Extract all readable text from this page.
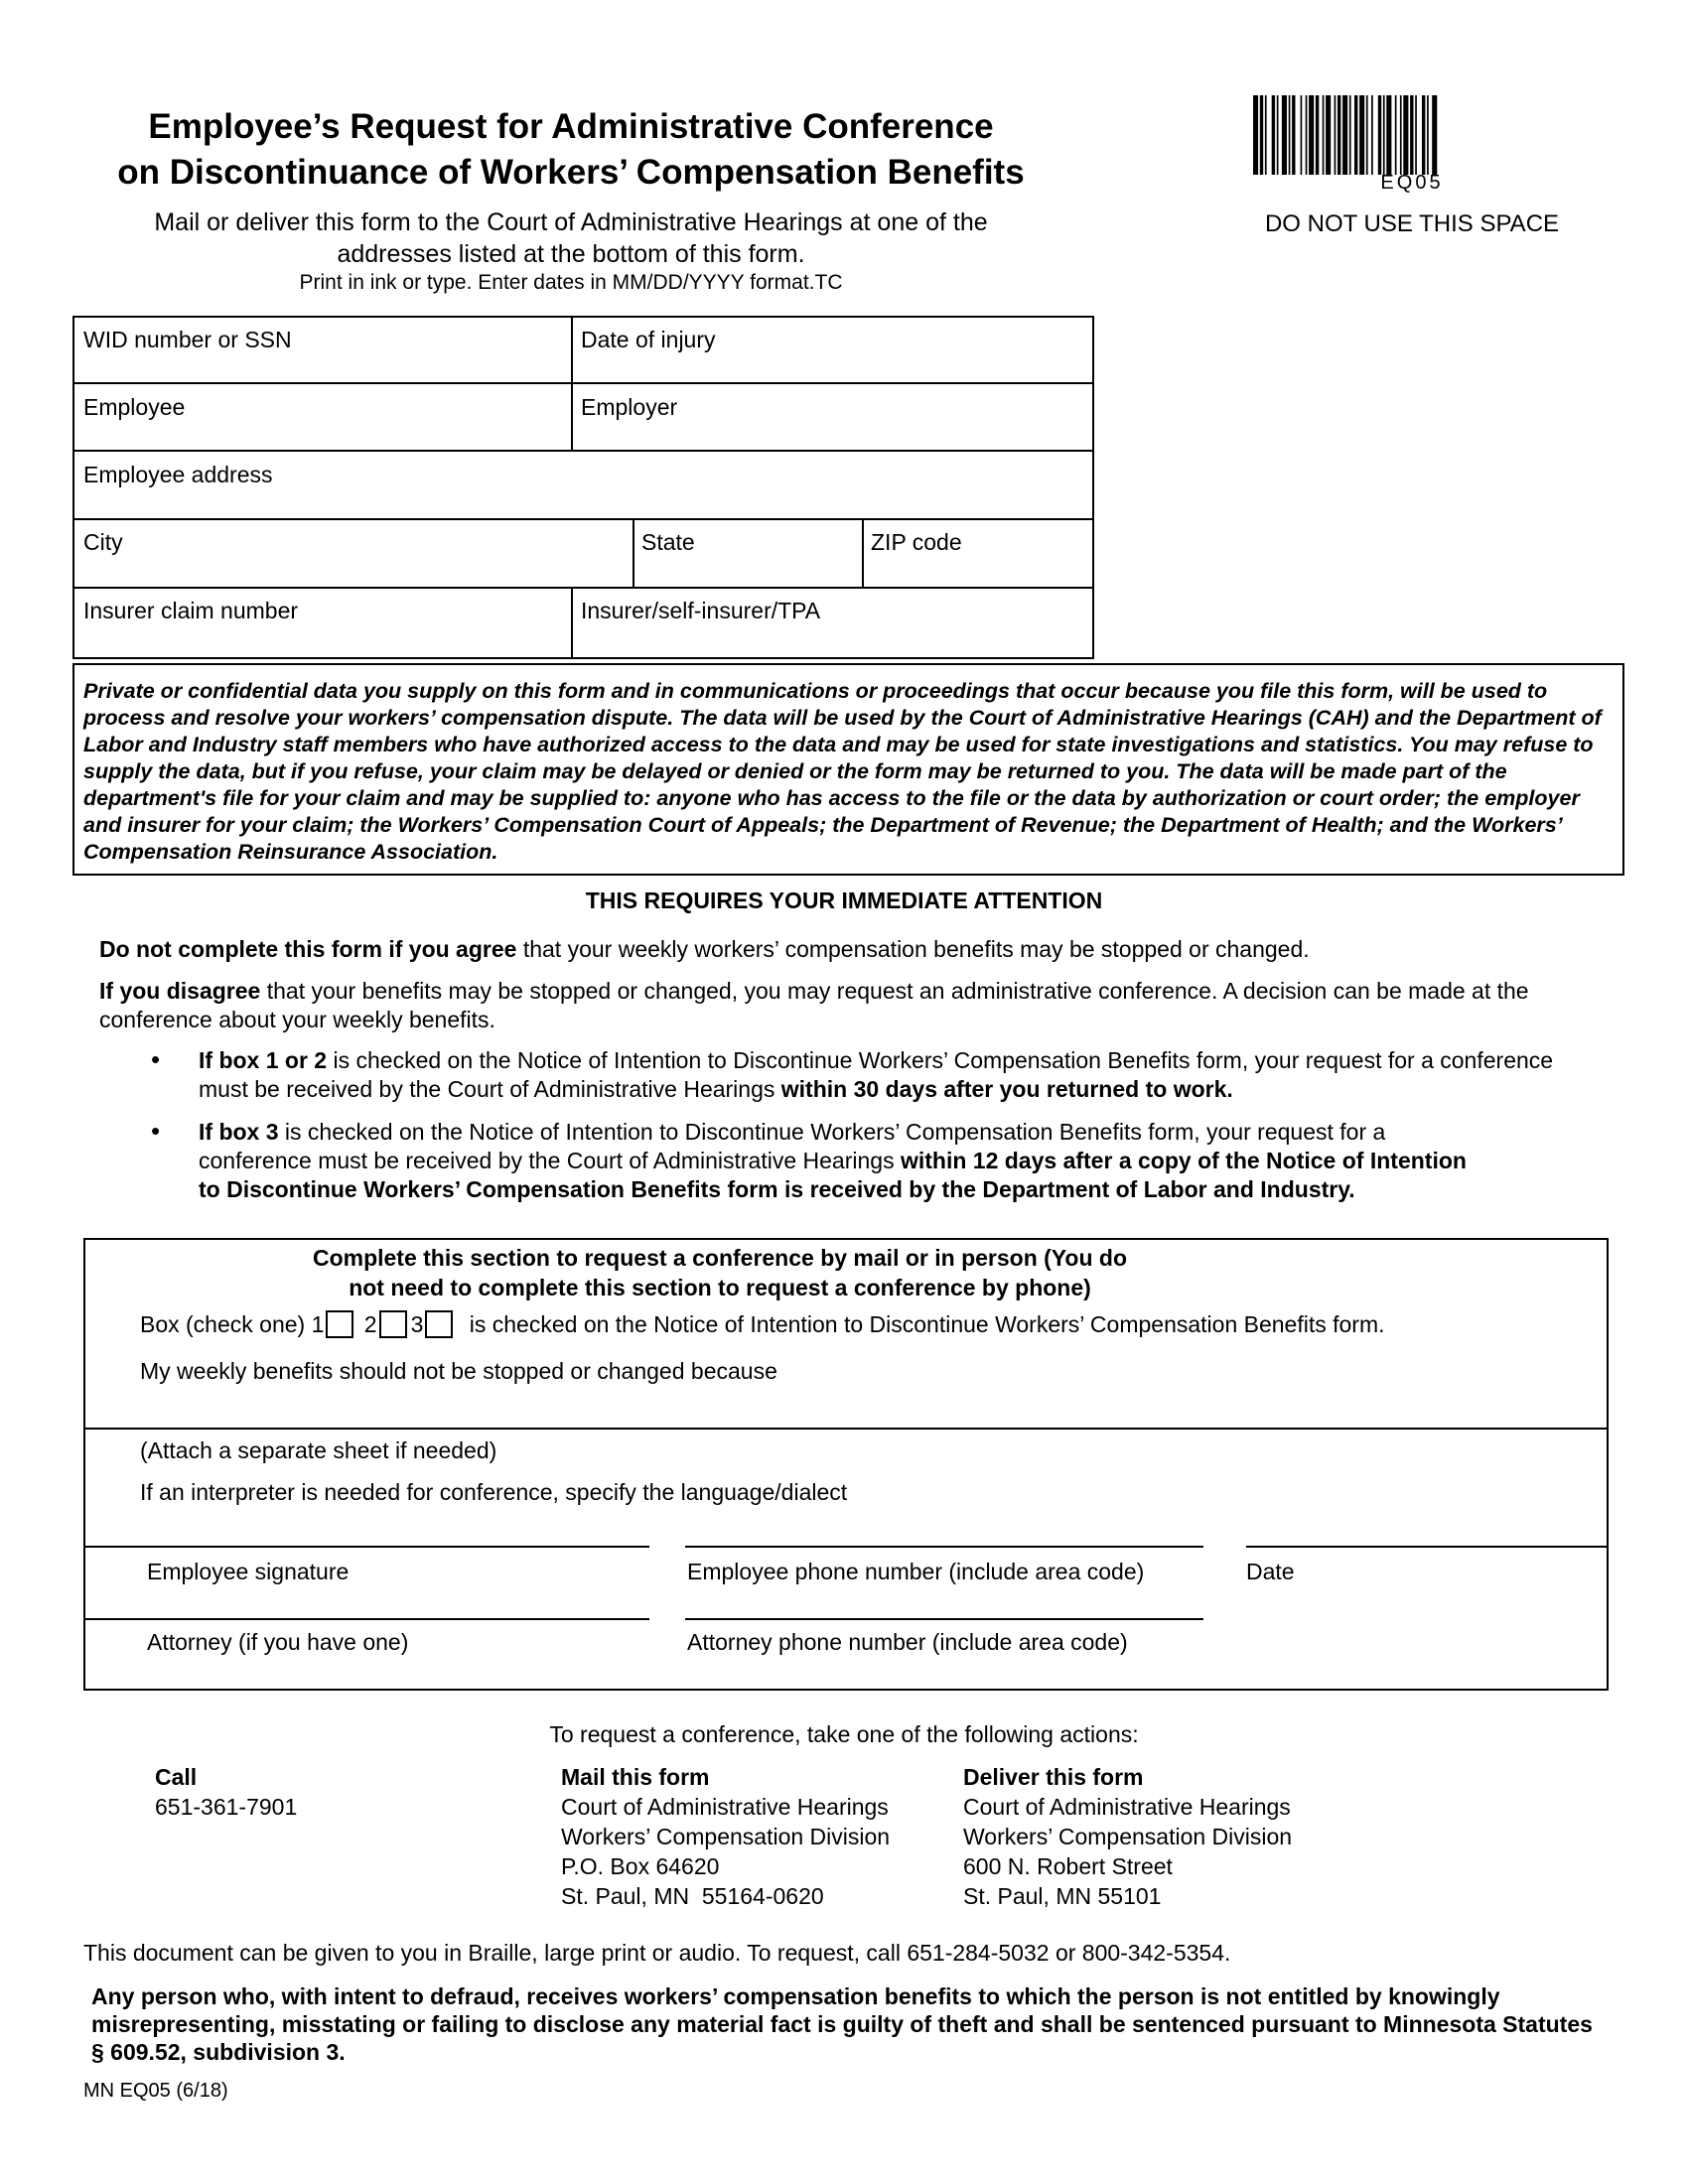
Employee’s Request for Administrative Conference
on Discontinuance of Workers’ Compensation Benefits
Mail or deliver this form to the Court of Administrative Hearings at one of the
addresses listed at the bottom of this form.
Print in ink or type. Enter dates in MM/DD/YYYY format.TC
EQ05
DO NOT USE THIS SPACE
WID number or SSN	Date of injury
Employee	Employer
Employee address
City	State	ZIP code
Insurer claim number	Insurer/self-insurer/TPA
Private or confidential data you supply on this form and in communications or proceedings that occur because you file this form, will be used to process and resolve your workers’ compensation dispute. The data will be used by the Court of Administrative Hearings (CAH) and the Department of Labor and Industry staff members who have authorized access to the data and may be used for state investigations and statistics. You may refuse to supply the data, but if you refuse, your claim may be delayed or denied or the form may be returned to you. The data will be made part of the department's file for your claim and may be supplied to: anyone who has access to the file or the data by authorization or court order; the employer and insurer for your claim; the Workers’ Compensation Court of Appeals; the Department of Revenue; the Department of Health; and the Workers’ Compensation Reinsurance Association.
THIS REQUIRES YOUR IMMEDIATE ATTENTION
Do not complete this form if you agree that your weekly workers’ compensation benefits may be stopped or changed.
If you disagree that your benefits may be stopped or changed, you may request an administrative conference. A decision can be made at the conference about your weekly benefits.
• If box 1 or 2 is checked on the Notice of Intention to Discontinue Workers’ Compensation Benefits form, your request for a conference must be received by the Court of Administrative Hearings within 30 days after you returned to work.
• If box 3 is checked on the Notice of Intention to Discontinue Workers’ Compensation Benefits form, your request for a conference must be received by the Court of Administrative Hearings within 12 days after a copy of the Notice of Intention to Discontinue Workers’ Compensation Benefits form is received by the Department of Labor and Industry.
Complete this section to request a conference by mail or in person (You do
not need to complete this section to request a conference by phone)
Box (check one) 1 2 3 is checked on the Notice of Intention to Discontinue Workers’ Compensation Benefits form.
My weekly benefits should not be stopped or changed because
(Attach a separate sheet if needed)
If an interpreter is needed for conference, specify the language/dialect
Employee signature	Employee phone number (include area code)	Date
Attorney (if you have one)	Attorney phone number (include area code)
To request a conference, take one of the following actions:
Call
651-361-7901
Mail this form
Court of Administrative Hearings
Workers’ Compensation Division
P.O. Box 64620
St. Paul, MN  55164-0620
Deliver this form
Court of Administrative Hearings
Workers’ Compensation Division
600 N. Robert Street
St. Paul, MN 55101
This document can be given to you in Braille, large print or audio. To request, call 651-284-5032 or 800-342-5354.
Any person who, with intent to defraud, receives workers’ compensation benefits to which the person is not entitled by knowingly misrepresenting, misstating or failing to disclose any material fact is guilty of theft and shall be sentenced pursuant to Minnesota Statutes § 609.52, subdivision 3.
MN EQ05 (6/18)
